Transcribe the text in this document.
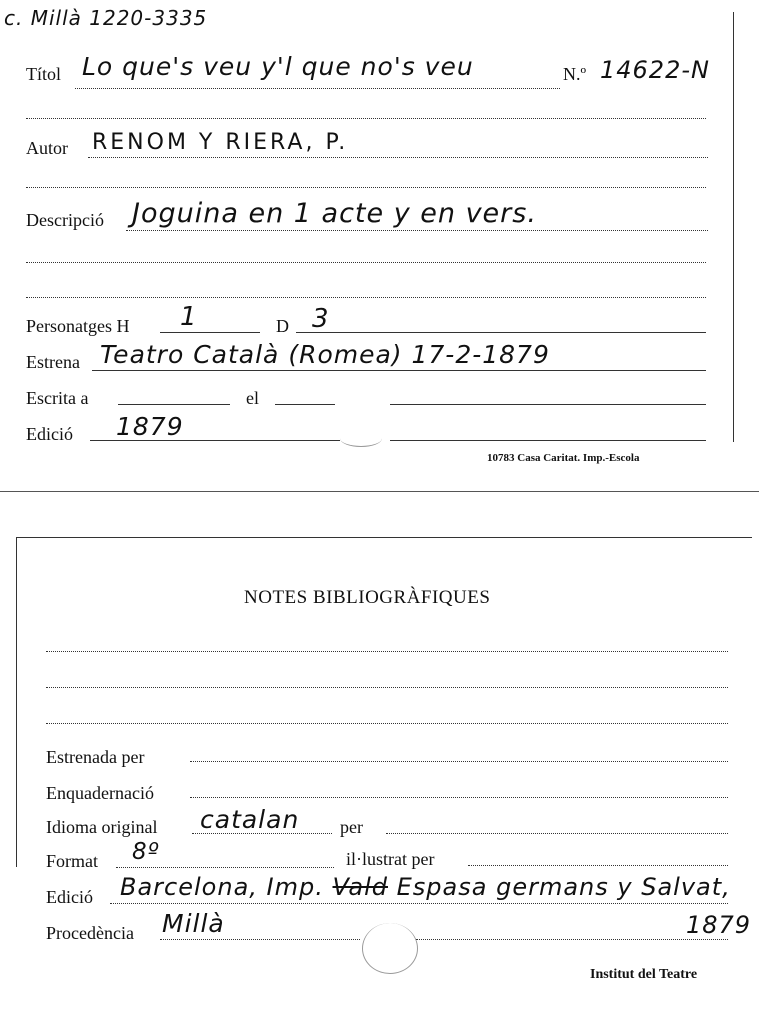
c. Millà 1220-3335
Títol Lo que's veu y'l que no's veu	N.º 14622-N
Autor RENOM Y RIERA, P.
Descripció Joguina en 1 acte y en vers.
Personatges H 1	D 3
Estrena Teatro Català (Romea) 17-2-1879
Escrita a	el
Edició 1879
10783 Casa Caritat. Imp.-Escola
NOTES BIBLIOGRÀFIQUES
Estrenada per
Enquadernació
Idioma original catalan per
Format 8º	il·lustrat per
Edició Barcelona, Imp. Vald Espasa germans y Salvat,
Procedència Millà	1879
Institut del Teatre
